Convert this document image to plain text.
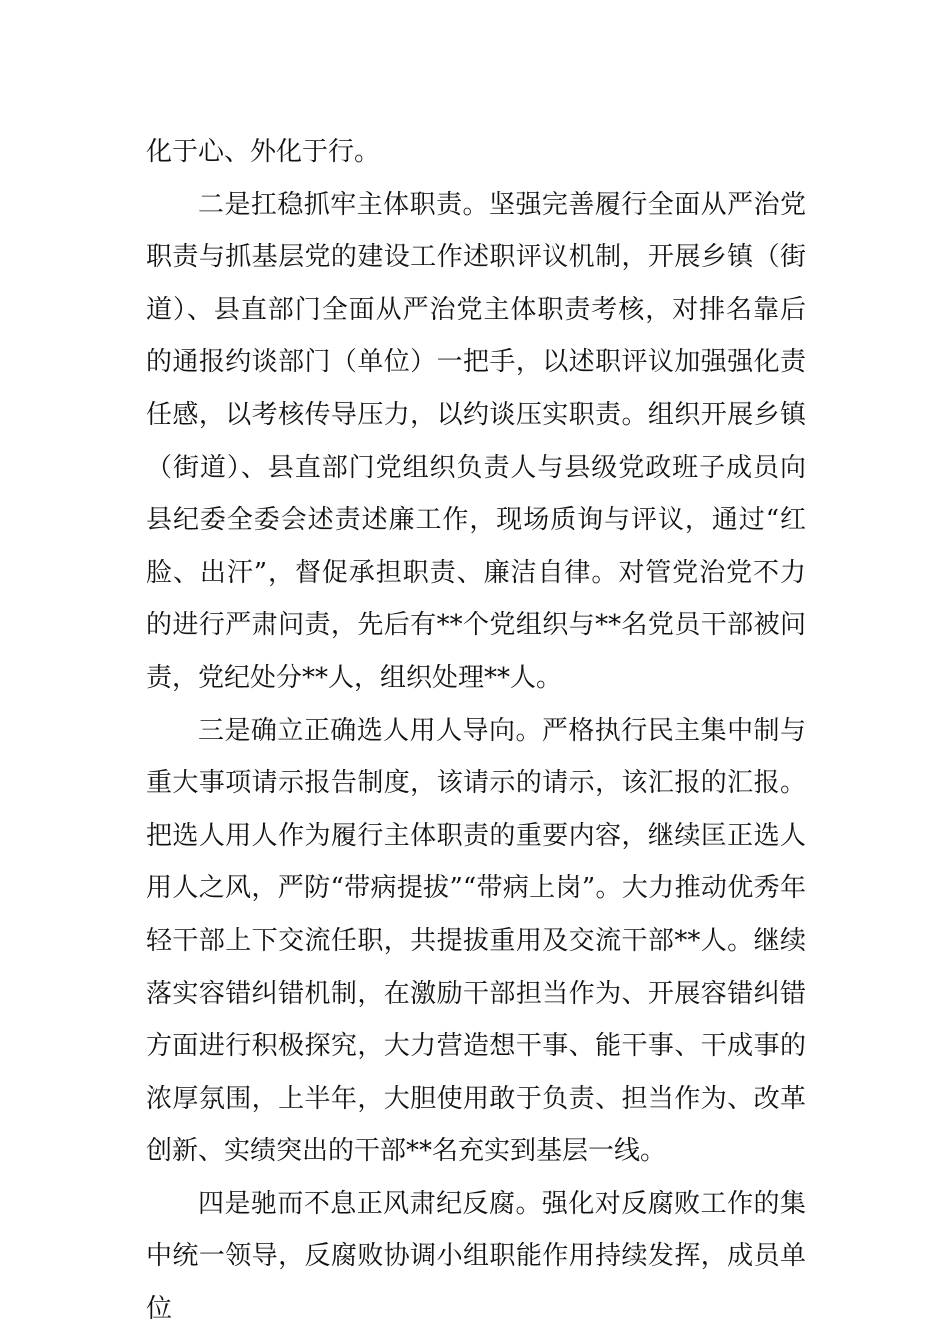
化于心、外化于行。

二是扛稳抓牢主体职责。坚强完善履行全面从严治党职责与抓基层党的建设工作述职评议机制，开展乡镇（街道）、县直部门全面从严治党主体职责考核，对排名靠后的通报约谈部门（单位）一把手，以述职评议加强强化责任感，以考核传导压力，以约谈压实职责。组织开展乡镇（街道）、县直部门党组织负责人与县级党政班子成员向县纪委全委会述责述廉工作，现场质询与评议，通过“红脸、出汗”，督促承担职责、廉洁自律。对管党治党不力的进行严肃问责，先后有**个党组织与**名党员干部被问责，党纪处分**人，组织处理**人。

三是确立正确选人用人导向。严格执行民主集中制与重大事项请示报告制度，该请示的请示，该汇报的汇报。把选人用人作为履行主体职责的重要内容，继续匡正选人用人之风，严防“带病提拔”“带病上岗”。大力推动优秀年轻干部上下交流任职，共提拔重用及交流干部**人。继续落实容错纠错机制，在激励干部担当作为、开展容错纠错方面进行积极探究，大力营造想干事、能干事、干成事的浓厚氛围，上半年，大胆使用敢于负责、担当作为、改革创新、实绩突出的干部**名充实到基层一线。

四是驰而不息正风肃纪反腐。强化对反腐败工作的集中统一领导，反腐败协调小组职能作用持续发挥，成员单位
